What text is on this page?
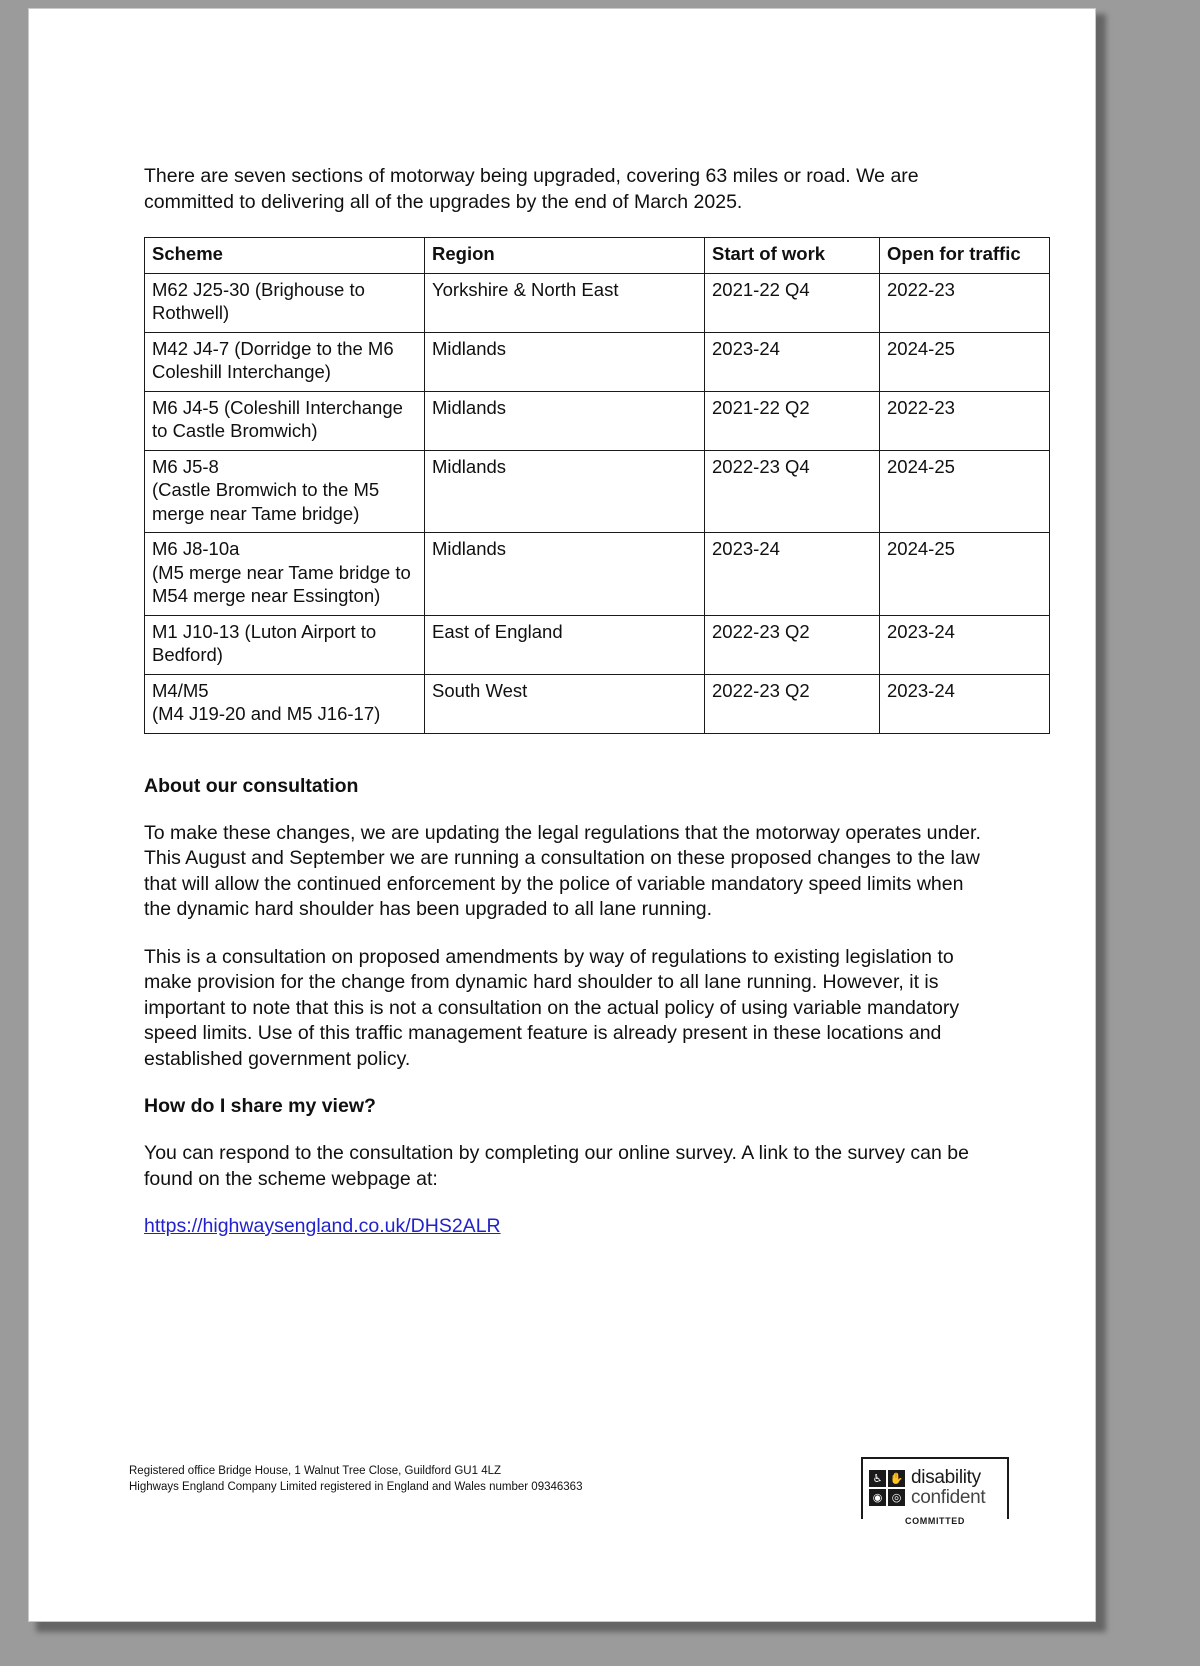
There are seven sections of motorway being upgraded, covering 63 miles or road. We are committed to delivering all of the upgrades by the end of March 2025.

Scheme	Region	Start of work	Open for traffic
M62 J25-30 (Brighouse to Rothwell)	Yorkshire & North East	2021-22 Q4	2022-23
M42 J4-7 (Dorridge to the M6 Coleshill Interchange)	Midlands	2023-24	2024-25
M6 J4-5 (Coleshill Interchange to Castle Bromwich)	Midlands	2021-22 Q2	2022-23
M6 J5-8
(Castle Bromwich to the M5 merge near Tame bridge)	Midlands	2022-23 Q4	2024-25
M6 J8-10a
(M5 merge near Tame bridge to M54 merge near Essington)	Midlands	2023-24	2024-25
M1 J10-13 (Luton Airport to Bedford)	East of England	2022-23 Q2	2023-24
M4/M5
(M4 J19-20 and M5 J16-17)	South West	2022-23 Q2	2023-24
About our consultation

To make these changes, we are updating the legal regulations that the motorway operates under. This August and September we are running a consultation on these proposed changes to the law that will allow the continued enforcement by the police of variable mandatory speed limits when the dynamic hard shoulder has been upgraded to all lane running.

This is a consultation on proposed amendments by way of regulations to existing legislation to make provision for the change from dynamic hard shoulder to all lane running. However, it is important to note that this is not a consultation on the actual policy of using variable mandatory speed limits. Use of this traffic management feature is already present in these locations and established government policy.

How do I share my view?

You can respond to the consultation by completing our online survey. A link to the survey can be found on the scheme webpage at:

https://highwaysengland.co.uk/DHS2ALR
Registered office Bridge House, 1 Walnut Tree Close, Guildford GU1 4LZ
Highways England Company Limited registered in England and Wales number 09346363
♿ ✋
◉ ◎
disability
confident
COMMITTED
